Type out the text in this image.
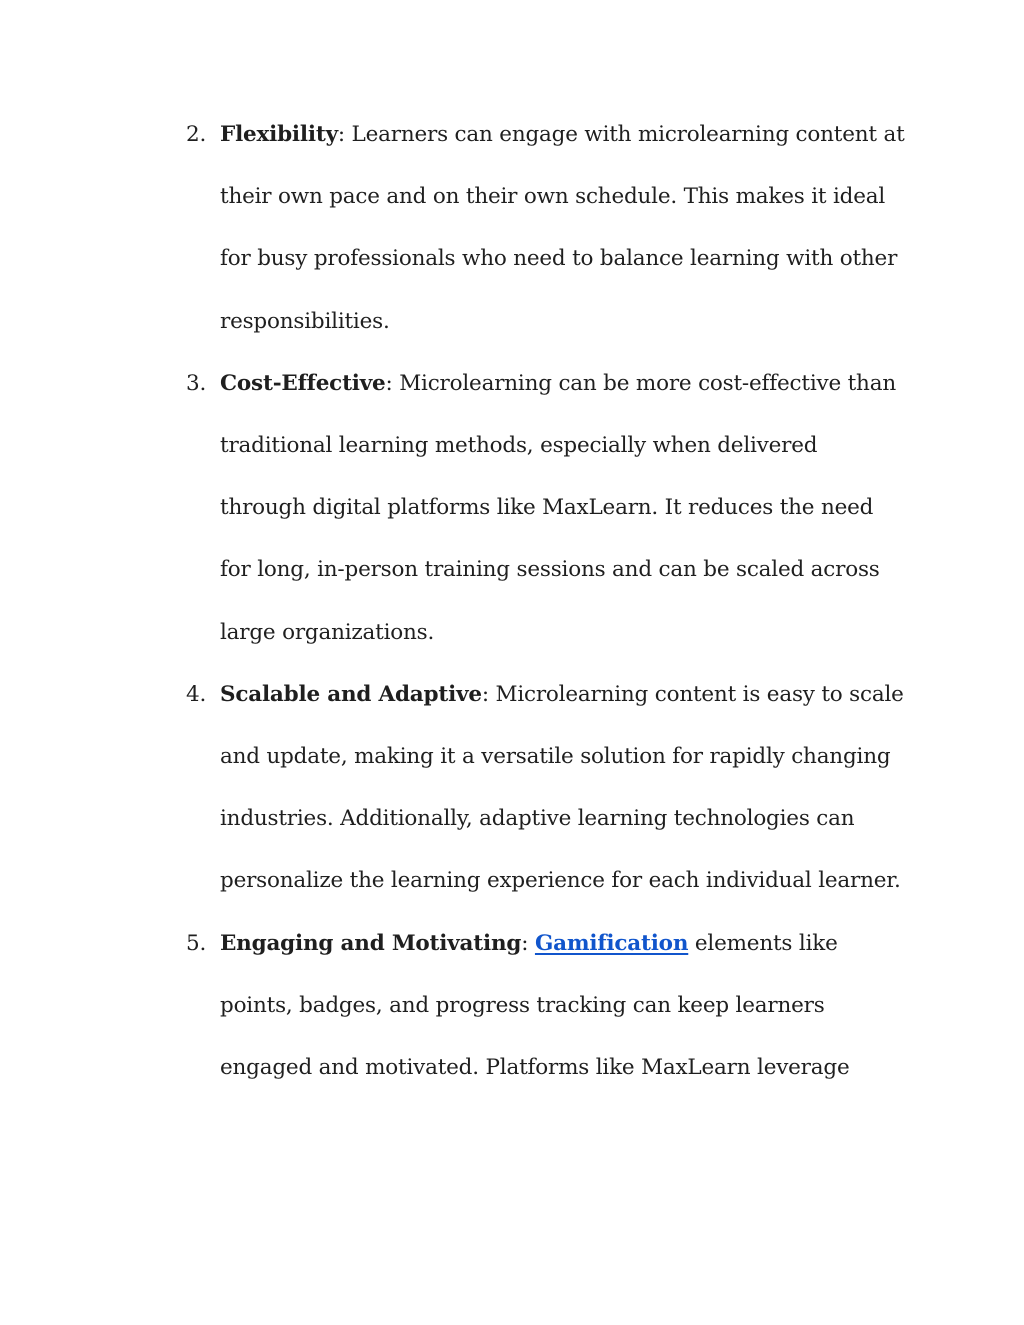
2. Flexibility: Learners can engage with microlearning content at their own pace and on their own schedule. This makes it ideal for busy professionals who need to balance learning with other responsibilities.
3. Cost-Effective: Microlearning can be more cost-effective than traditional learning methods, especially when delivered through digital platforms like MaxLearn. It reduces the need for long, in-person training sessions and can be scaled across large organizations.
4. Scalable and Adaptive: Microlearning content is easy to scale and update, making it a versatile solution for rapidly changing industries. Additionally, adaptive learning technologies can personalize the learning experience for each individual learner.
5. Engaging and Motivating: Gamification elements like points, badges, and progress tracking can keep learners engaged and motivated. Platforms like MaxLearn leverage
